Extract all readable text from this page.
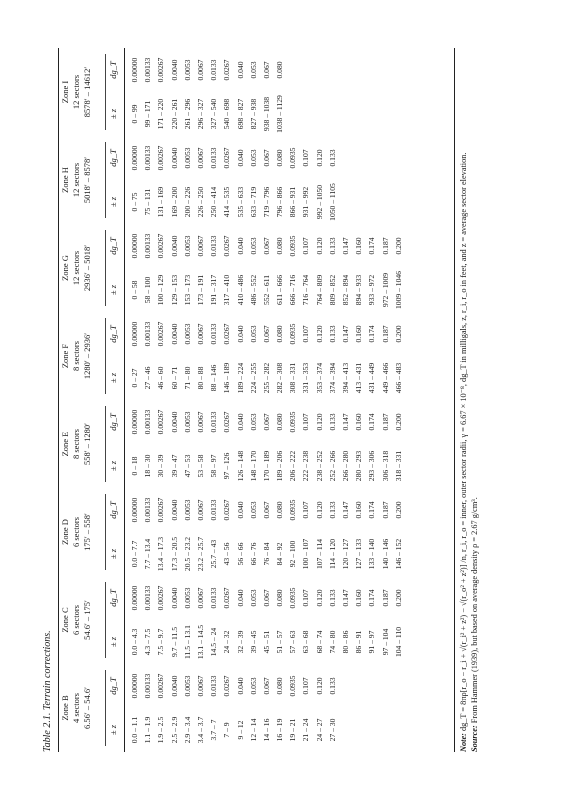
Table 2.1. Terrain corrections. Zone B 4 sectors 6.56′ – 54.6′
Zone C 6 sectors 54.6′ – 175′
Zone D 6 sectors 175′ – 558′
Zone E 8 sectors 558′ – 1280′
Zone F 8 sectors 1280′ – 2936′
Zone G 12 sectors 2936′ – 5018′
Zone H 12 sectors 5018′ – 8578′
Zone I 12 sectors 8578′ – 14612′
± z
dg_T
± z
dg_T
± z
dg_T
± z
dg_T
± z
dg_T
± z
dg_T
± z
dg_T
± z
dg_T
0.0 – 1.1 1.1 – 1.9 1.9 – 2.5 2.5 – 2.9 2.9 – 3.4 3.4 – 3.7 3.7 – 7 7 – 9 9 – 12 12 – 14 14 – 16 16 – 19 19 – 21 21 – 24 24 – 27 27 – 30
0.00000 0.00133 0.00267 0.0040 0.0053 0.0067 0.0133 0.0267 0.040 0.053 0.067 0.080 0.0935 0.107 0.120 0.133
0.0 – 4.3 4.3 – 7.5 7.5 – 9.7 9.7 – 11.5 11.5 – 13.1 13.1 – 14.5 14.5 – 24 24 – 32 32 – 39 39 – 45 45 – 51 51 – 57 57 – 63 63 – 68 68 – 74 74 – 80 80 – 86 86 – 91 91 – 97 97 – 104 104 – 110
0.00000 0.00133 0.00267 0.0040 0.0053 0.0067 0.0133 0.0267 0.040 0.053 0.067 0.080 0.0935 0.107 0.120 0.133 0.147 0.160 0.174 0.187 0.200
0.0 – 7.7 7.7 – 13.4 13.4 – 17.3 17.3 – 20.5 20.5 – 23.2 23.2 – 25.7 25.7 – 43 43 – 56 56 – 66 66 – 76 76 – 84 84 – 92 92 – 100 100 – 107 107 – 114 114 – 120 120 – 127 127 – 133 133 – 140 140 – 146 146 – 152
0.00000 0.00133 0.00267 0.0040 0.0053 0.0067 0.0133 0.0267 0.040 0.053 0.067 0.080 0.0935 0.107 0.120 0.133 0.147 0.160 0.174 0.187 0.200
0 – 18 18 – 30 30 – 39 39 – 47 47 – 53 53 – 58 58 – 97 97 – 126 126 – 148 148 – 170 170 – 189 189 – 206 206 – 222 222 – 238 238 – 252 252 – 266 266 – 280 280 – 293 293 – 306 306 – 318 318 – 331
0.00000 0.00133 0.00267 0.0040 0.0053 0.0067 0.0133 0.0267 0.040 0.053 0.067 0.080 0.0935 0.107 0.120 0.133 0.147 0.160 0.174 0.187 0.200
0 – 27 27 – 46 46 – 60 60 – 71 71 – 80 80 – 88 88 – 146 146 – 189 189 – 224 224 – 255 255 – 282 282 – 308 308 – 331 331 – 353 353 – 374 374 – 394 394 – 413 413 – 431 431 – 449 449 – 466 466 – 483
0.00000 0.00133 0.00267 0.0040 0.0053 0.0067 0.0133 0.0267 0.040 0.053 0.067 0.080 0.0935 0.107 0.120 0.133 0.147 0.160 0.174 0.187 0.200
0 – 58 58 – 100 100 – 129 129 – 153 153 – 173 173 – 191 191 – 317 317 – 410 410 – 486 486 – 552 552 – 611 611 – 666 666 – 716 716 – 764 764 – 809 809 – 852 852 – 894 894 – 933 933 – 972 972 – 1009 1009 – 1046
0.00000 0.00133 0.00267 0.0040 0.0053 0.0067 0.0133 0.0267 0.040 0.053 0.067 0.080 0.0935 0.107 0.120 0.133 0.147 0.160 0.174 0.187 0.200
0 – 75 75 – 131 131 – 169 169 – 200 200 – 226 226 – 250 250 – 414 414 – 535 535 – 633 633 – 719 719 – 796 796 – 866 866 – 931 931 – 992 992 – 1050 1050 – 1105
0.00000 0.00133 0.00267 0.0040 0.0053 0.0067 0.0133 0.0267 0.040 0.053 0.067 0.080 0.0935 0.107 0.120 0.133
0 – 99 99 – 171 171 – 220 220 – 261 261 – 296 296 – 327 327 – 540 540 – 698 698 – 827 827 – 938 938 – 1038 1038 – 1129
0.00000 0.00133 0.00267 0.0040 0.0053 0.0067 0.0133 0.0267 0.040 0.053 0.067 0.080
Note: dg_T = 8πρ[r_o − r_i + √(r_i² + z²) − √(r_o² + z²)] /n, r_i, r_o = inner, outer sector radii, γ = 6.67 × 10⁻⁸, dg_T in milligals, z, r_i, r_o in feet, and z = average sector elevation.
Source: From Hammer (1939), but based on average density ρ = 2.67 g/cm³.
